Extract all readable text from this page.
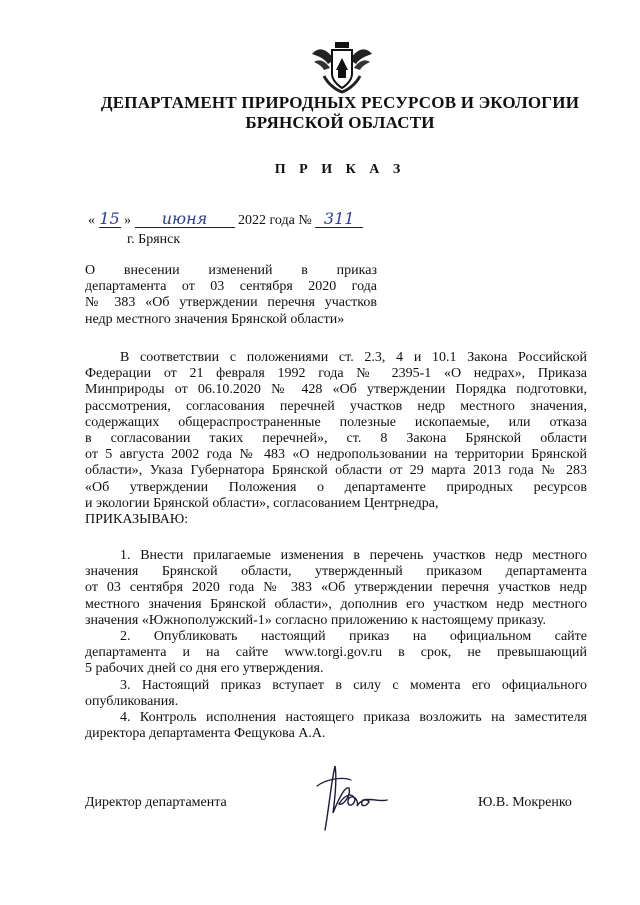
ДЕПАРТАМЕНТ ПРИРОДНЫХ РЕСУРСОВ И ЭКОЛОГИИ
БРЯНСКОЙ ОБЛАСТИ
П Р И К А З
« 15 » июня 2022 года № 311
г. Брянск
О внесении изменений в приказ
департамента от 03 сентября 2020 года
№ 383 «Об утверждении перечня участков
недр местного значения Брянской области»
В соответствии с положениями ст. 2.3, 4 и 10.1 Закона Российской
Федерации от 21 февраля 1992 года № 2395-1 «О недрах», Приказа
Минприроды от 06.10.2020 № 428 «Об утверждении Порядка подготовки,
рассмотрения, согласования перечней участков недр местного значения,
содержащих общераспространенные полезные ископаемые, или отказа
в согласовании таких перечней», ст. 8 Закона Брянской области
от 5 августа 2002 года № 483 «О недропользовании на территории Брянской
области», Указа Губернатора Брянской области от 29 марта 2013 года № 283
«Об утверждении Положения о департаменте природных ресурсов
и экологии Брянской области», согласованием Центрнедра,
ПРИКАЗЫВАЮ:
1. Внести прилагаемые изменения в перечень участков недр местного
значения Брянской области, утвержденный приказом департамента
от 03 сентября 2020 года № 383 «Об утверждении перечня участков недр
местного значения Брянской области», дополнив его участком недр местного
значения «Южнополужский-1» согласно приложению к настоящему приказу.
2. Опубликовать настоящий приказ на официальном сайте
департамента и на сайте www.torgi.gov.ru в срок, не превышающий
5 рабочих дней со дня его утверждения.
3. Настоящий приказ вступает в силу с момента его официального
опубликования.
4. Контроль исполнения настоящего приказа возложить на заместителя
директора департамента Фещукова А.А.
Директор департамента	Ю.В. Мокренко
